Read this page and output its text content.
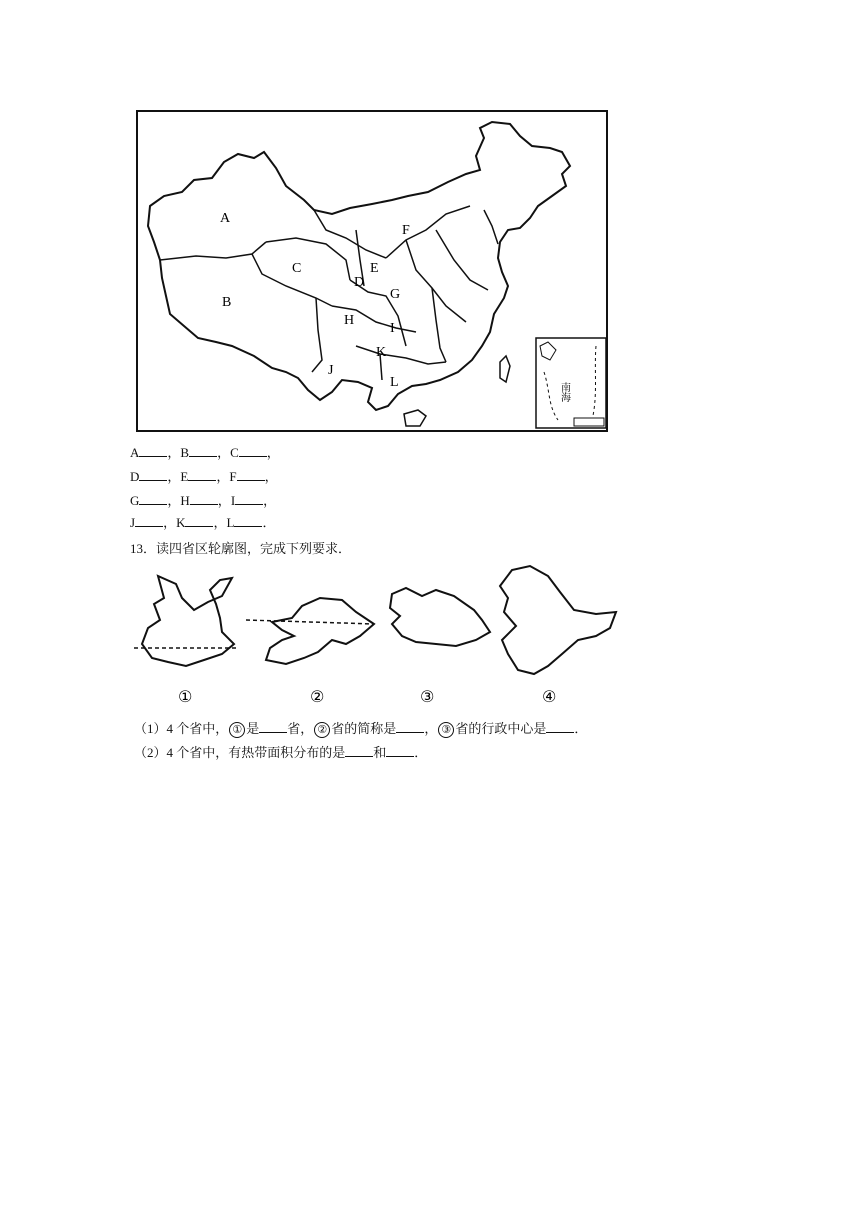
A
B
C
D
E
F
G
H
I
J
K
L	南海
A ，B ，C ，
D ，E ，F ，
G ，H ，I ，
J ，K ，L ．
13．读四省区轮廓图，完成下列要求．
①	②	③	④
（1）4 个省中， ① 是 省， ② 省的简称是 ， ③ 省的行政中心是 ．
（2）4 个省中，有热带面积分布的是 和 ．
